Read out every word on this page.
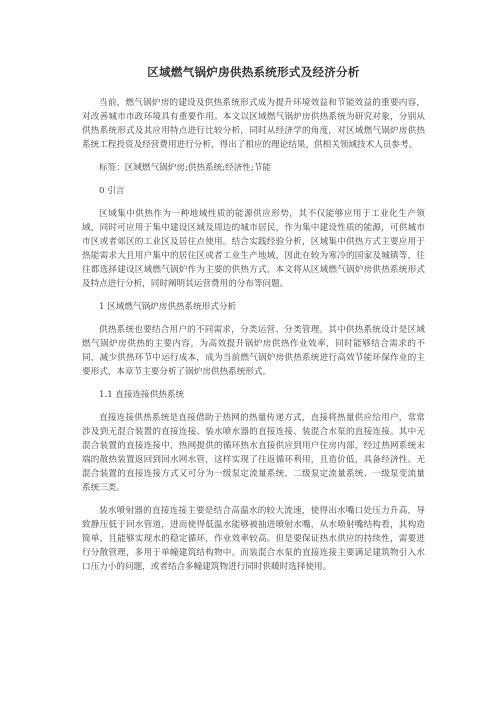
区域燃气锅炉房供热系统形式及经济分析

当前，燃气锅炉房的建设及供热系统形式成为提升环境效益和节能效益的重要内容，对改善城市市政环境具有重要作用。本文以区域燃气锅炉房供热系统为研究对象，分别从供热系统形式及其应用特点进行比较分析，同时从经济学的角度，对区域燃气锅炉房供热系统工程投资及经营费用进行分析，得出了相应的理论结果，供相关领域技术人员参考。

标签：区域燃气锅炉房;供热系统;经济性;节能

0 引言

区域集中供热作为一种地域性质的能源供应形势，其不仅能够应用于工业化生产领域，同时可应用于集中建设区域及周边的城市居民，作为集中建设性质的能源，可供城市市区或者郊区的工业区及居住点使用。结合实践经验分析，区域集中供热方式主要应用于热能需求大且用户集中的居住区或者工业生产地域，因此在较为寒冷的国家及城镇等，往往都选择建设区域燃气锅炉作为主要的供热方式。本文将从区域燃气锅炉房供热系统形式及特点进行分析，同时阐明其运营费用的分布等问题。

1 区域燃气锅炉房供热系统形式分析

供热系统也要结合用户的不同需求，分类运营、分类管理。其中供热系统设计是区域燃气锅炉房供热的主要内容，为高效提升锅炉房供热作业效率，同时能够结合需求的不同，减少供热环节中运行成本，成为当前燃气锅炉房供热系统进行高效节能环保作业的主要形式，本章节主要分析了锅炉房供热系统形式。

1.1 直接连接供热系统

直接连接供热系统是直接借助于热网的热量传递方式，直接将热量供应给用户，常常涉及到无混合装置的直接连接、装水喷水器的直接连接、装混合水泵的直接连接。其中无混合装置的直接连接中，热网提供的循环热水直接供应到用户住房内部，经过热网系统末端的散热装置返回到回水网水管，这样实现了往返循环利用，且造价低，具备经济性。无混合装置的直接连接方式又可分为一级泵定流量系统、二级泵定流量系统、一级泵变流量系统三类。

装水喷射器的直接连接主要是结合高温水的较大流速，使得出水嘴口处压力升高，导致静压低于回水管道，进而使得低温水能够被抽进喷射水嘴，从水喷射嘴结构看，其构造简单，且能够实现水的稳定循环，作业效率较高。但是要保证热水供应的持续性，需要进行分散管理，多用于单幢建筑结构物中。而装混合水泵的直接连接主要满足建筑物引入水口压力小的问题，或者结合多幢建筑物进行同时供暖时选择使用。
